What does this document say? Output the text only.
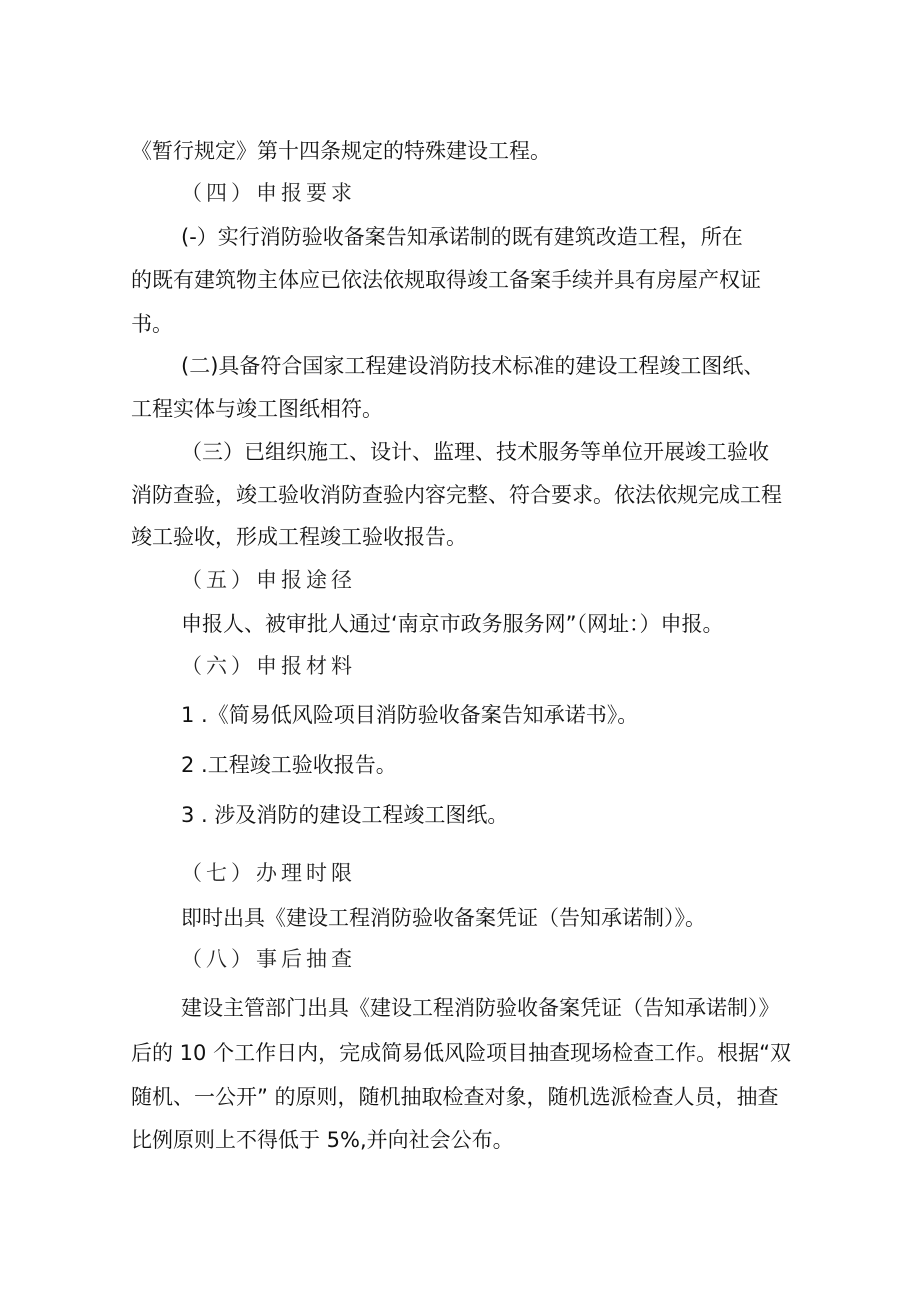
《暂行规定》第十四条规定的特殊建设工程。
（四）申报要求
(-）实行消防验收备案告知承诺制的既有建筑改造工程，所在
的既有建筑物主体应已依法依规取得竣工备案手续并具有房屋产权证
书。
(二)具备符合国家工程建设消防技术标准的建设工程竣工图纸、
工程实体与竣工图纸相符。
（三）已组织施工、设计、监理、技术服务等单位开展竣工验收
消防查验，竣工验收消防查验内容完整、符合要求。依法依规完成工程
竣工验收，形成工程竣工验收报告。
（五）申报途径
申报人、被审批人通过‘南京市政务服务网”（网址：）申报。
（六）申报材料
1 .《简易低风险项目消防验收备案告知承诺书》。
2 .工程竣工验收报告。
3 . 涉及消防的建设工程竣工图纸。
（七）办理时限
即时出具《建设工程消防验收备案凭证（告知承诺制）》。
（八）事后抽查
建设主管部门出具《建设工程消防验收备案凭证（告知承诺制）》
后的 10 个工作日内，完成简易低风险项目抽查现场检查工作。根据“双
随机、一公开” 的原则，随机抽取检查对象，随机选派检查人员，抽查
比例原则上不得低于 5%,并向社会公布。
